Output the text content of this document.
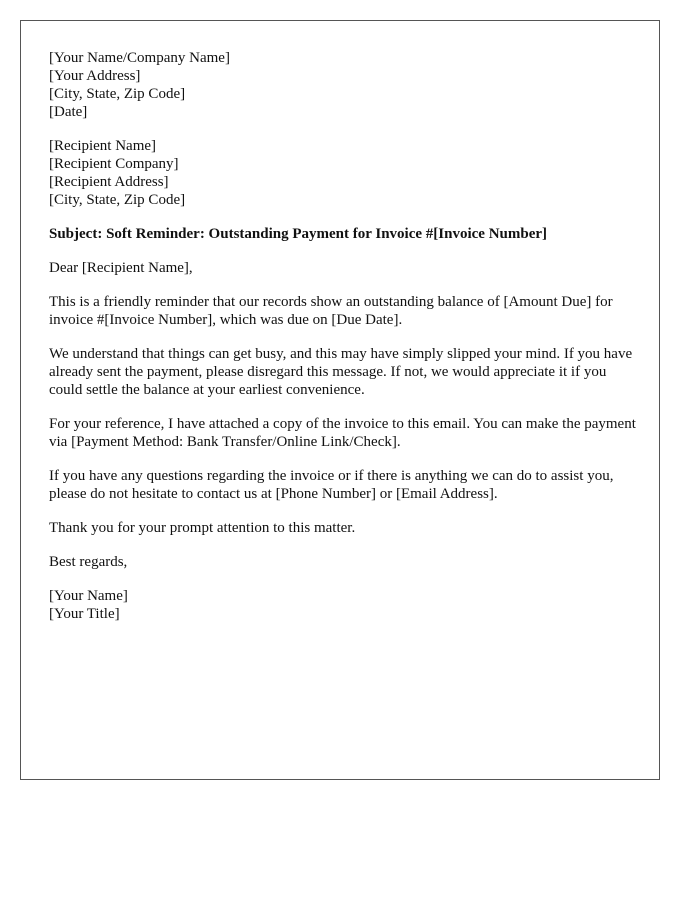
[Your Name/Company Name]
[Your Address]
[City, State, Zip Code]
[Date]
[Recipient Name]
[Recipient Company]
[Recipient Address]
[City, State, Zip Code]

Subject: Soft Reminder: Outstanding Payment for Invoice #[Invoice Number]

Dear [Recipient Name],

This is a friendly reminder that our records show an outstanding balance of [Amount Due] for invoice #[Invoice Number], which was due on [Due Date].

We understand that things can get busy, and this may have simply slipped your mind. If you have already sent the payment, please disregard this message. If not, we would appreciate it if you could settle the balance at your earliest convenience.

For your reference, I have attached a copy of the invoice to this email. You can make the payment via [Payment Method: Bank Transfer/Online Link/Check].

If you have any questions regarding the invoice or if there is anything we can do to assist you, please do not hesitate to contact us at [Phone Number] or [Email Address].

Thank you for your prompt attention to this matter.

Best regards,

[Your Name]
[Your Title]
